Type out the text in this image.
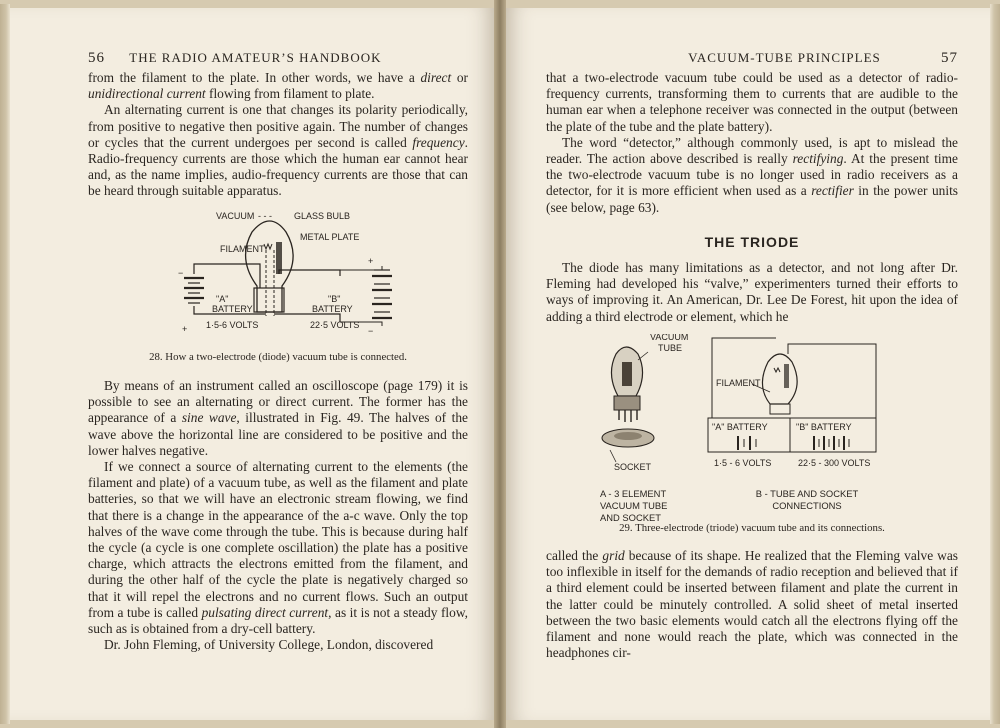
56 THE RADIO AMATEUR’S HANDBOOK

from the filament to the plate. In other words, we have a direct or unidirectional current flowing from filament to plate.

An alternating current is one that changes its polarity periodically, from positive to negative then positive again. The number of changes or cycles that the current undergoes per second is called frequency. Radio-frequency currents are those which the human ear cannot hear and, as the name implies, audio-frequency currents are those that can be heard through suitable apparatus.

VACUUM - - - GLASS BULB
METAL PLATE
FILAMENT
−
"A"
BATTERY
+ 1·5-6 VOLTS
+
"B"
BATTERY
22·5 VOLTS
−
28. How a two-electrode (diode) vacuum tube is connected.

By means of an instrument called an oscilloscope (page 179) it is possible to see an alternating or direct current. The former has the appearance of a sine wave, illustrated in Fig. 49. The halves of the wave above the horizontal line are considered to be positive and the lower halves negative.

If we connect a source of alternating current to the elements (the filament and plate) of a vacuum tube, as well as the filament and plate batteries, so that we will have an electronic stream flowing, we find that there is a change in the appearance of the a-c wave. Only the top halves of the wave come through the tube. This is because during half the cycle (a cycle is one complete oscillation) the plate has a positive charge, which attracts the electrons emitted from the filament, and during the other half of the cycle the plate is negatively charged so that it will repel the electrons and no current flows. Such an output from a tube is called pulsating direct current, as it is not a steady flow, such as is obtained from a dry-cell battery.

Dr. John Fleming, of University College, London, discovered

VACUUM-TUBE PRINCIPLES	57

that a two-electrode vacuum tube could be used as a detector of radio-frequency currents, transforming them to currents that are audible to the human ear when a telephone receiver was connected in the output (between the plate of the tube and the plate battery).

The word “detector,” although commonly used, is apt to mislead the reader. The action above described is really rectifying. At the present time the two-electrode vacuum tube is no longer used in radio receivers as a detector, for it is more efficient when used as a rectifier in the power units (see below, page 63).

THE TRIODE

The diode has many limitations as a detector, and not long after Dr. Fleming had developed his “valve,” experimenters turned their efforts to ways of improving it. An American, Dr. Lee De Forest, hit upon the idea of adding a third electrode or element, which he

VACUUM
TUBE
SOCKET
FILAMENT
"A" BATTERY	"B" BATTERY
1·5 - 6 VOLTS	22·5 - 300 VOLTS
A - 3 ELEMENT
VACUUM TUBE
AND SOCKET
B - TUBE AND SOCKET
CONNECTIONS
29. Three-electrode (triode) vacuum tube and its connections.

called the grid because of its shape. He realized that the Fleming valve was too inflexible in itself for the demands of radio reception and believed that if a third element could be inserted between filament and plate the current in the latter could be minutely controlled. A solid sheet of metal inserted between the two basic elements would catch all the electrons flying off the filament and none would reach the plate, which was connected in the headphones cir-
